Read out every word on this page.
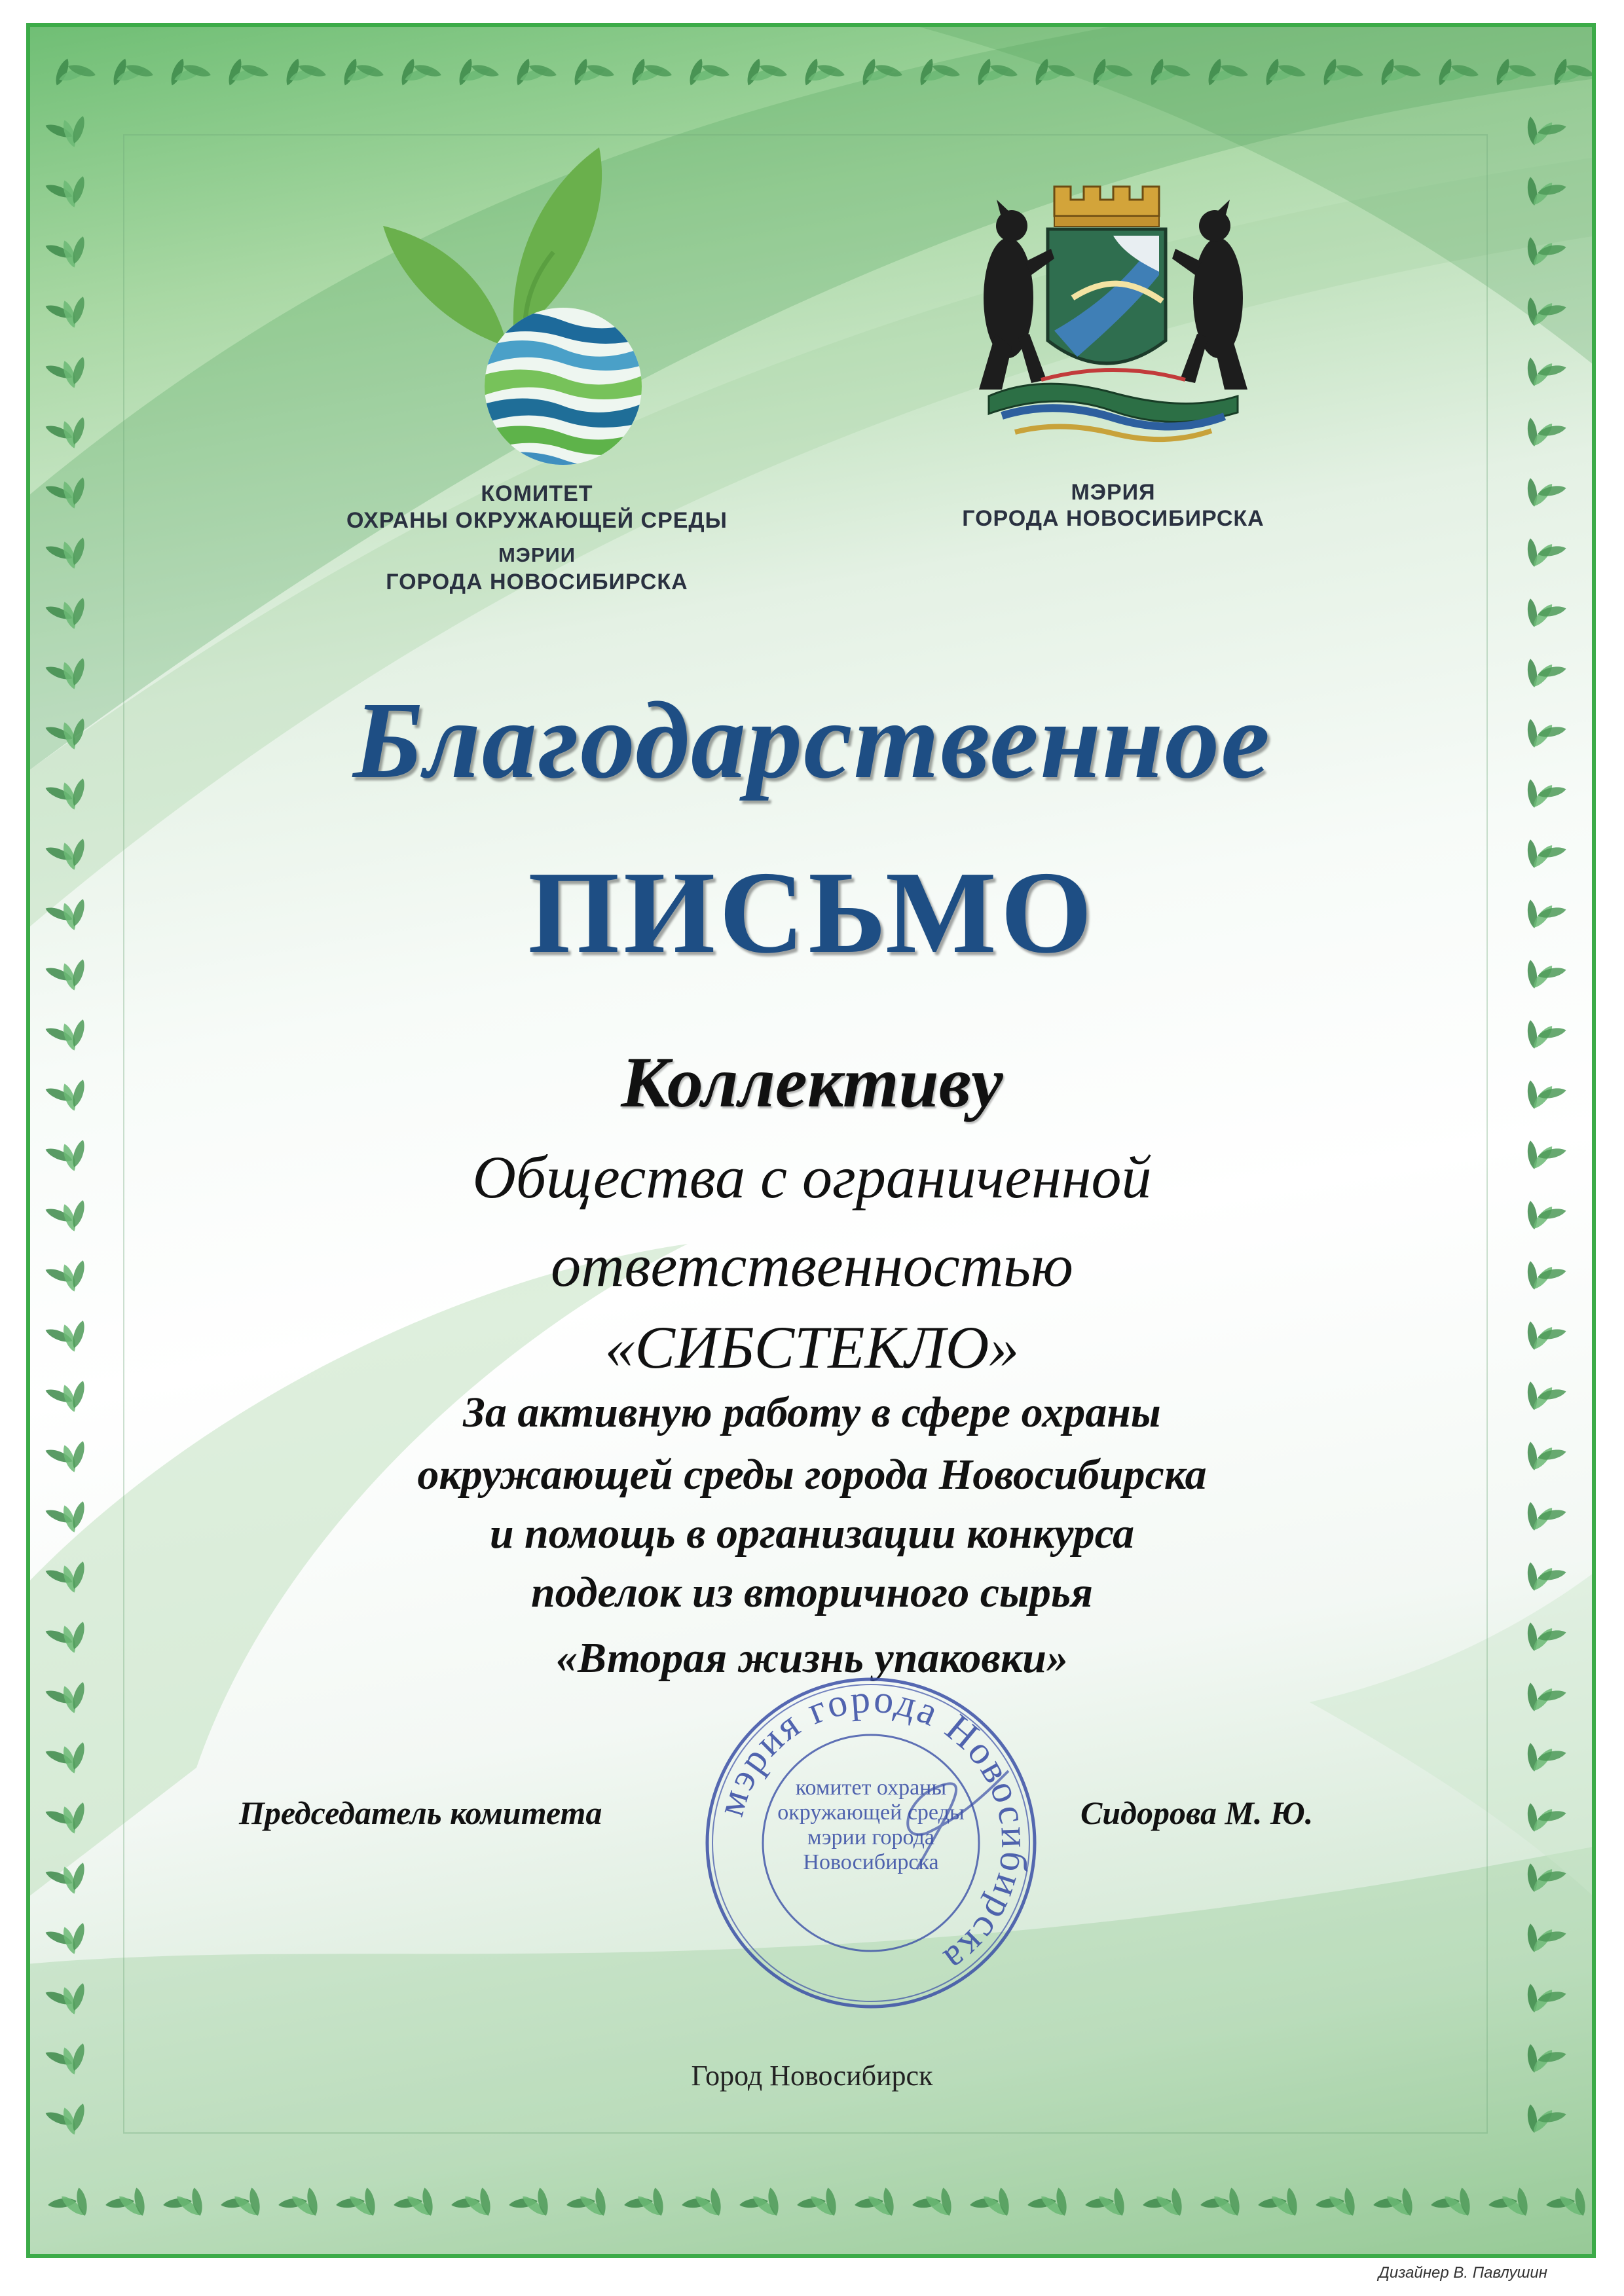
КОМИТЕТ
ОХРАНЫ ОКРУЖАЮЩЕЙ СРЕДЫ
МЭРИИ
ГОРОДА НОВОСИБИРСКА
МЭРИЯ
ГОРОДА НОВОСИБИРСКА
Благодарственное
ПИСЬМО
Коллективу
Общества с ограниченной
ответственностью
«СИБСТЕКЛО»
За активную работу в сфере охраны
окружающей среды города Новосибирска
и помощь в организации конкурса
поделок из вторичного сырья
«Вторая жизнь упаковки»
Председатель комитета	Сидорова М. Ю.
мэрия города Новосибирска
комитет охраны
окружающей среды
мэрии города
Новосибирска
Город Новосибирск
Дизайнер В. Павлушин
